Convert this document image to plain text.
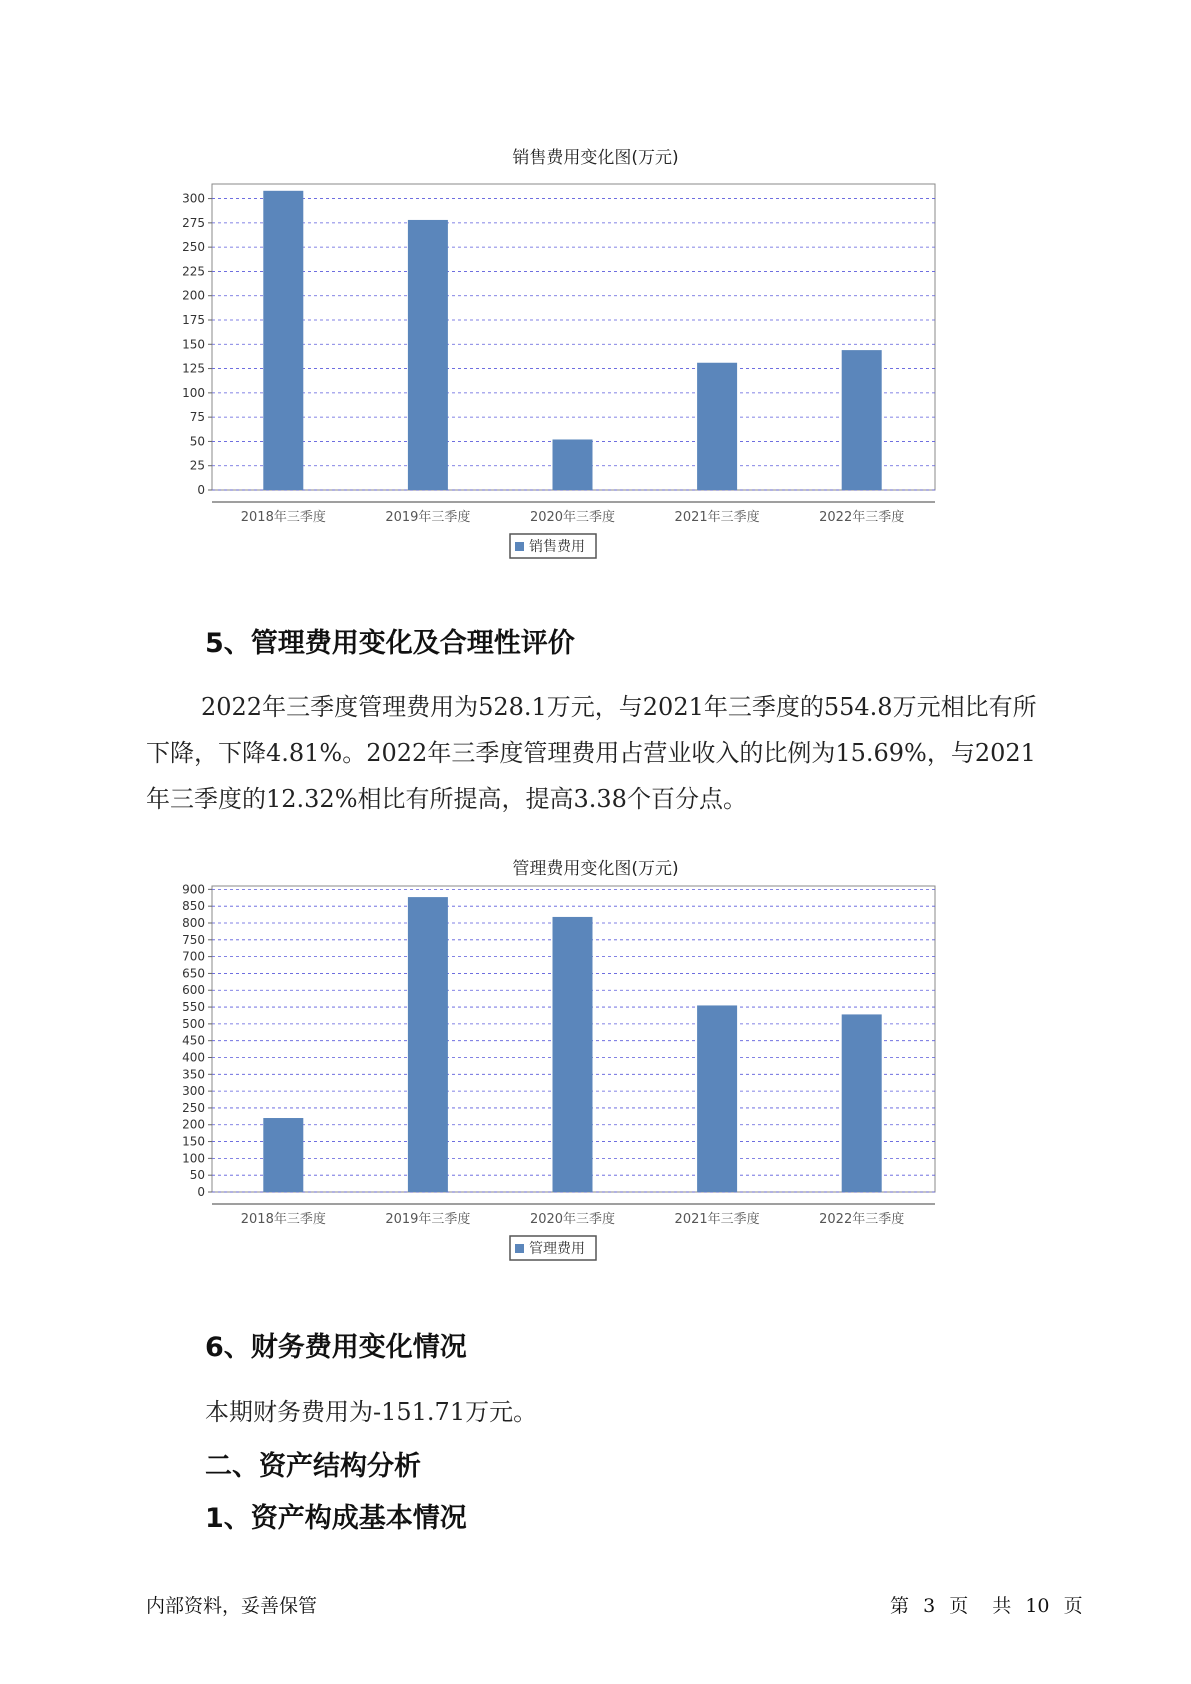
销售费用变化图(万元)
0
25
50
75
100
125
150
175
200
225
250
275
300
2018年三季度	2019年三季度	2020年三季度	2021年三季度	2022年三季度
销售费用
5、管理费用变化及合理性评价
2022年三季度管理费用为528.1万元，与2021年三季度的554.8万元相比有所下降，下降4.81%。2022年三季度管理费用占营业收入的比例为15.69%，与2021年三季度的12.32%相比有所提高，提高3.38个百分点。
管理费用变化图(万元)
0
50
100
150
200
250
300
350
400
450
500
550
600
650
700
750
800
850
900
2018年三季度	2019年三季度	2020年三季度	2021年三季度	2022年三季度
管理费用
6、财务费用变化情况
本期财务费用为-151.71万元。
二、资产结构分析
1、资产构成基本情况
内部资料，妥善保管	第 3 页 共 10 页
